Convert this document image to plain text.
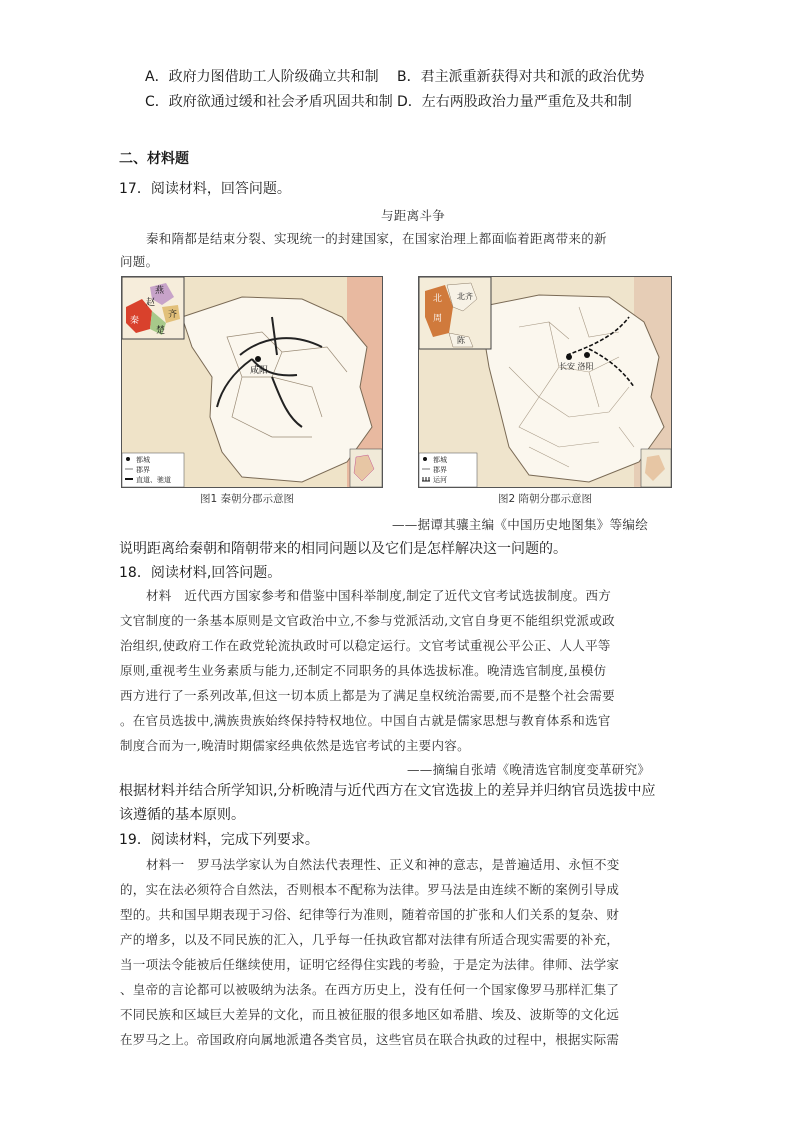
A．政府力图借助工人阶级确立共和制 B．君主派重新获得对共和派的政治优势
C．政府欲通过缓和社会矛盾巩固共和制 D．左右两股政治力量严重危及共和制
二、材料题
17．阅读材料，回答问题。
与距离斗争
秦和隋都是结束分裂、实现统一的封建国家，在国家治理上都面临着距离带来的新
问题。
燕
赵
齐
秦
楚
咸阳
都城
郡界
直道、驰道
图1 秦朝分郡示意图
北
周
北齐
陈
长安 洛阳
都城
郡界
运河
图2 隋朝分郡示意图
——据谭其骧主编《中国历史地图集》等编绘
说明距离给秦朝和隋朝带来的相同问题以及它们是怎样解决这一问题的。
18．阅读材料,回答问题。
材料　近代西方国家参考和借鉴中国科举制度,制定了近代文官考试选拔制度。西方
文官制度的一条基本原则是文官政治中立,不参与党派活动,文官自身更不能组织党派或政
治组织,使政府工作在政党轮流执政时可以稳定运行。文官考试重视公平公正、人人平等
原则,重视考生业务素质与能力,还制定不同职务的具体选拔标准。晚清选官制度,虽模仿
西方进行了一系列改革,但这一切本质上都是为了满足皇权统治需要,而不是整个社会需要
。在官员选拔中,满族贵族始终保持特权地位。中国自古就是儒家思想与教育体系和选官
制度合而为一,晚清时期儒家经典依然是选官考试的主要内容。
——摘编自张靖《晚清选官制度变革研究》
根据材料并结合所学知识,分析晚清与近代西方在文官选拔上的差异并归纳官员选拔中应
该遵循的基本原则。
19．阅读材料，完成下列要求。
材料一　罗马法学家认为自然法代表理性、正义和神的意志，是普遍适用、永恒不变
的，实在法必须符合自然法，否则根本不配称为法律。罗马法是由连续不断的案例引导成
型的。共和国早期表现于习俗、纪律等行为准则，随着帝国的扩张和人们关系的复杂、财
产的增多，以及不同民族的汇入，几乎每一任执政官都对法律有所适合现实需要的补充，
当一项法令能被后任继续使用，证明它经得住实践的考验，于是定为法律。律师、法学家
、皇帝的言论都可以被吸纳为法条。在西方历史上，没有任何一个国家像罗马那样汇集了
不同民族和区域巨大差异的文化，而且被征服的很多地区如希腊、埃及、波斯等的文化远
在罗马之上。帝国政府向属地派遣各类官员，这些官员在联合执政的过程中，根据实际需
